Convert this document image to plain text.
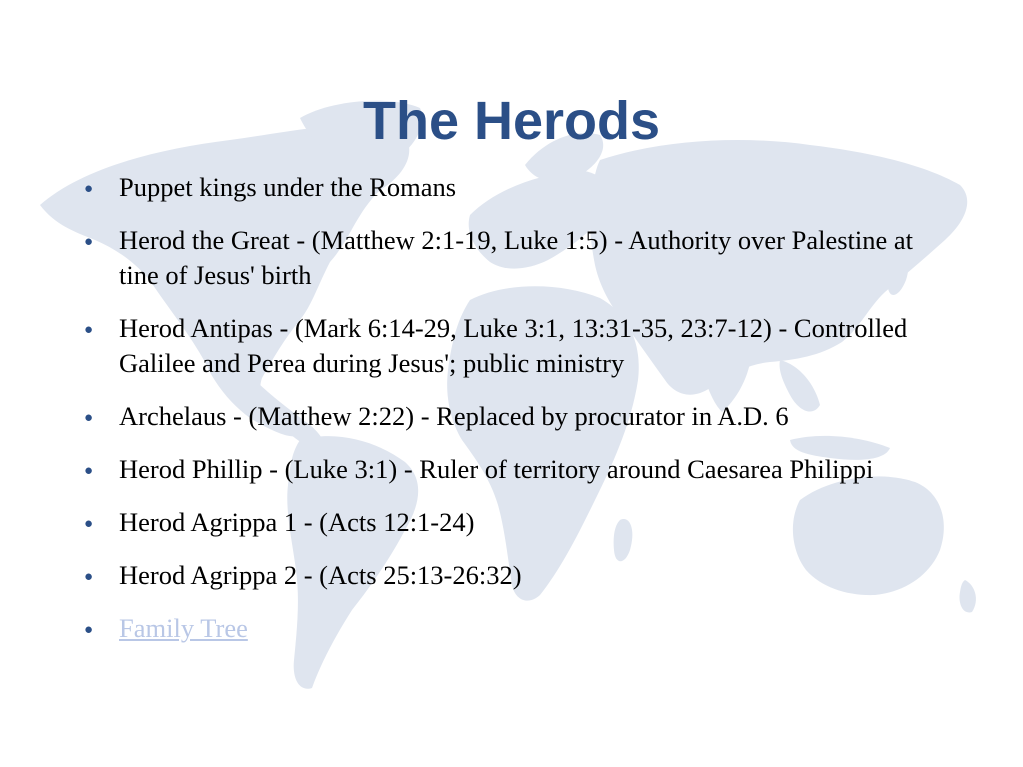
The Herods
● Puppet kings under the Romans
● Herod the Great - (Matthew 2:1-19, Luke 1:5) - Authority over Palestine at tine of Jesus' birth
● Herod Antipas - (Mark 6:14-29, Luke 3:1, 13:31-35, 23:7-12) - Controlled Galilee and Perea during Jesus'; public ministry
● Archelaus - (Matthew 2:22) - Replaced by procurator in A.D. 6
● Herod Phillip - (Luke 3:1) - Ruler of territory around Caesarea Philippi
● Herod Agrippa 1 - (Acts 12:1-24)
● Herod Agrippa 2 - (Acts 25:13-26:32)
● Family Tree
